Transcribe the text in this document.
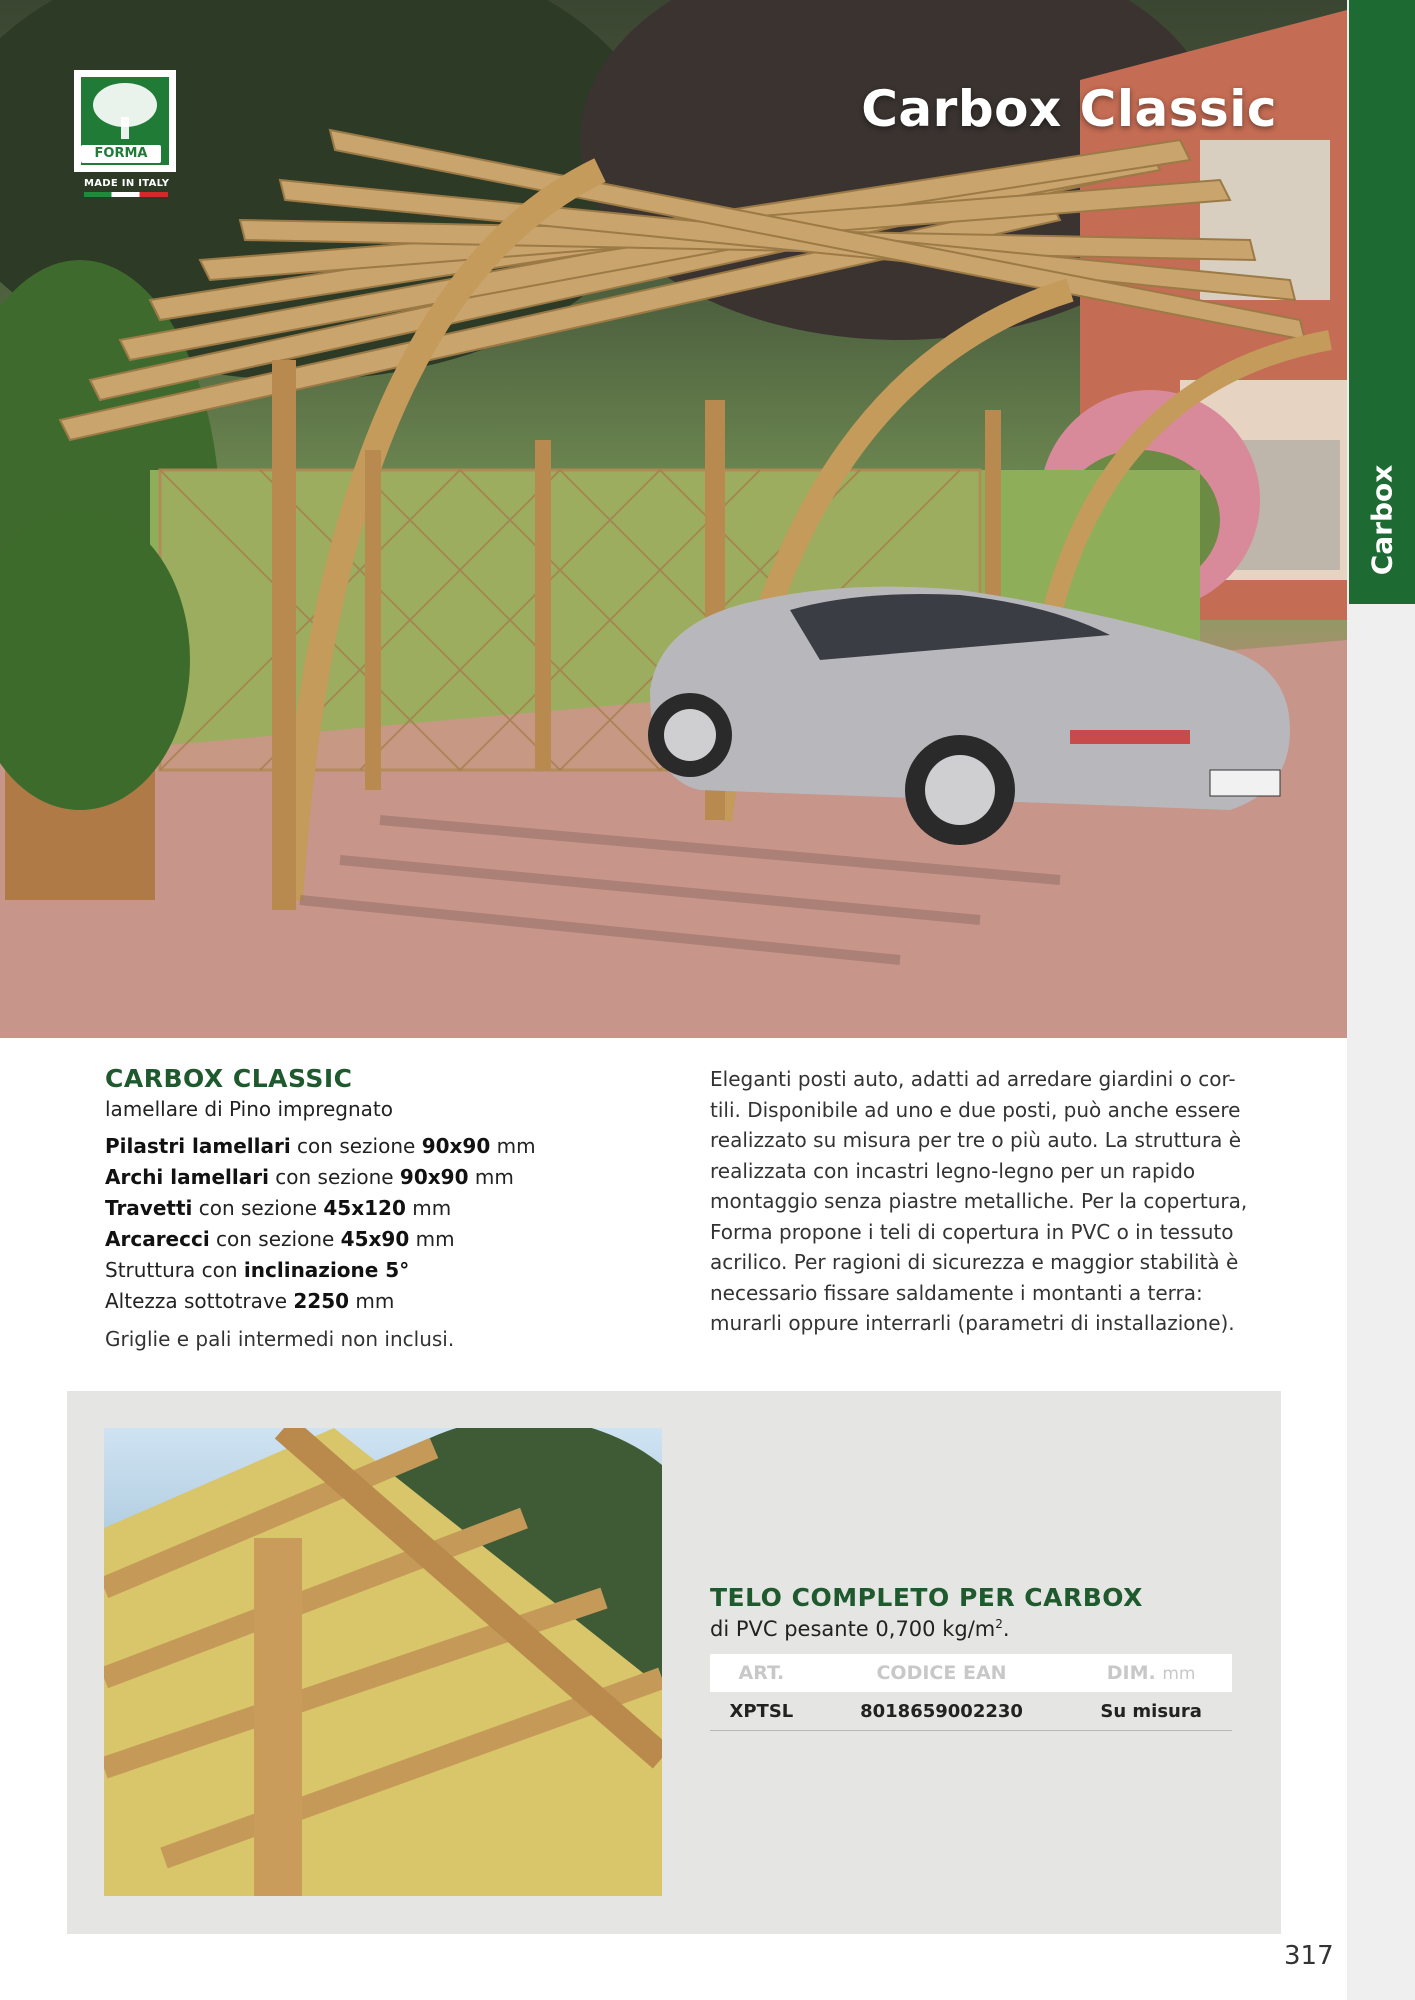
Carbox Classic
FORMA
MADE IN ITALY
Carbox
CARBOX CLASSIC
lamellare di Pino impregnato

Pilastri lamellari con sezione 90x90 mm

Archi lamellari con sezione 90x90 mm

Travetti con sezione 45x120 mm

Arcarecci con sezione 45x90 mm

Struttura con inclinazione 5°

Altezza sottotrave 2250 mm

Griglie e pali intermedi non inclusi.
Eleganti posti auto, adatti ad arredare giardini o cor-tili. Disponibile ad uno e due posti, può anche essere realizzato su misura per tre o più auto. La struttura è realizzata con incastri legno-legno per un rapido montaggio senza piastre metalliche. Per la copertura, Forma propone i teli di copertura in PVC o in tessuto acrilico. Per ragioni di sicurezza e maggior stabilità è necessario fissare saldamente i montanti a terra: murarli oppure interrarli (parametri di installazione).
TELO COMPLETO PER CARBOX
di PVC pesante 0,700 $kg/m^2$.
ART.	CODICE EAN	DIM. mm
XPTSL	8018659002230	Su misura
317
